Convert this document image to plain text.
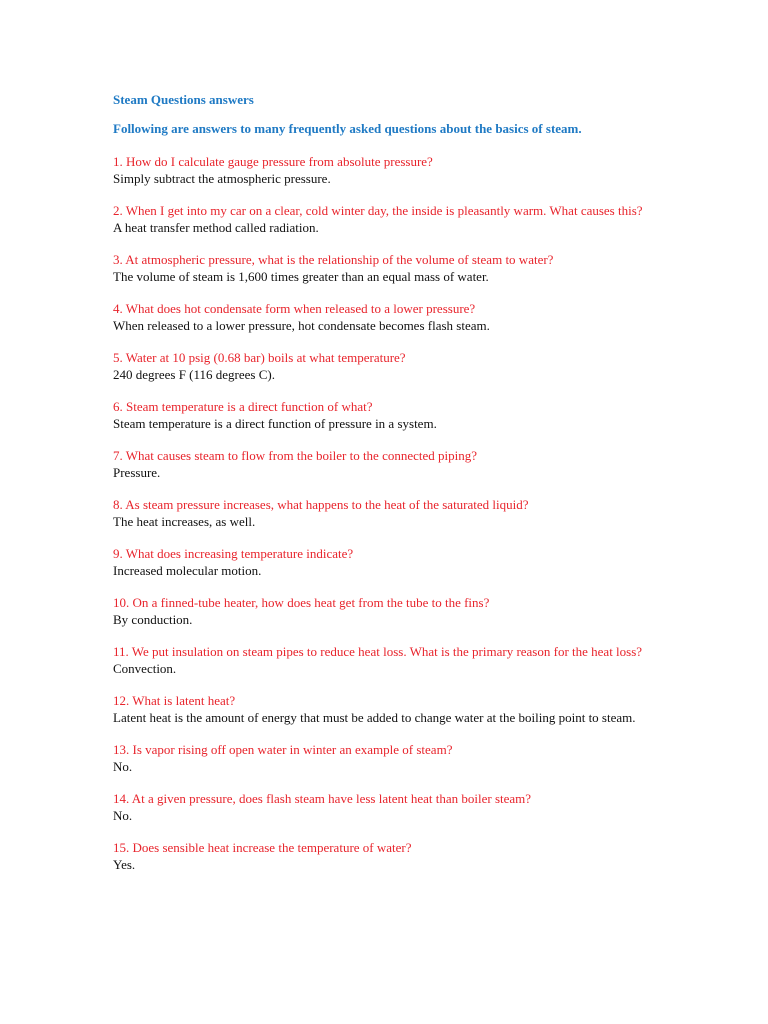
Steam Questions answers

Following are answers to many frequently asked questions about the basics of steam.

1. How do I calculate gauge pressure from absolute pressure?

Simply subtract the atmospheric pressure.

2. When I get into my car on a clear, cold winter day, the inside is pleasantly warm. What causes this?

A heat transfer method called radiation.

3. At atmospheric pressure, what is the relationship of the volume of steam to water?

The volume of steam is 1,600 times greater than an equal mass of water.

4. What does hot condensate form when released to a lower pressure?

When released to a lower pressure, hot condensate becomes flash steam.

5. Water at 10 psig (0.68 bar) boils at what temperature?

240 degrees F (116 degrees C).

6. Steam temperature is a direct function of what?

Steam temperature is a direct function of pressure in a system.

7. What causes steam to flow from the boiler to the connected piping?

Pressure.

8. As steam pressure increases, what happens to the heat of the saturated liquid?

The heat increases, as well.

9. What does increasing temperature indicate?

Increased molecular motion.

10. On a finned-tube heater, how does heat get from the tube to the fins?

By conduction.

11. We put insulation on steam pipes to reduce heat loss. What is the primary reason for the heat loss?

Convection.

12. What is latent heat?

Latent heat is the amount of energy that must be added to change water at the boiling point to steam.

13. Is vapor rising off open water in winter an example of steam?

No.

14. At a given pressure, does flash steam have less latent heat than boiler steam?

No.

15. Does sensible heat increase the temperature of water?

Yes.
